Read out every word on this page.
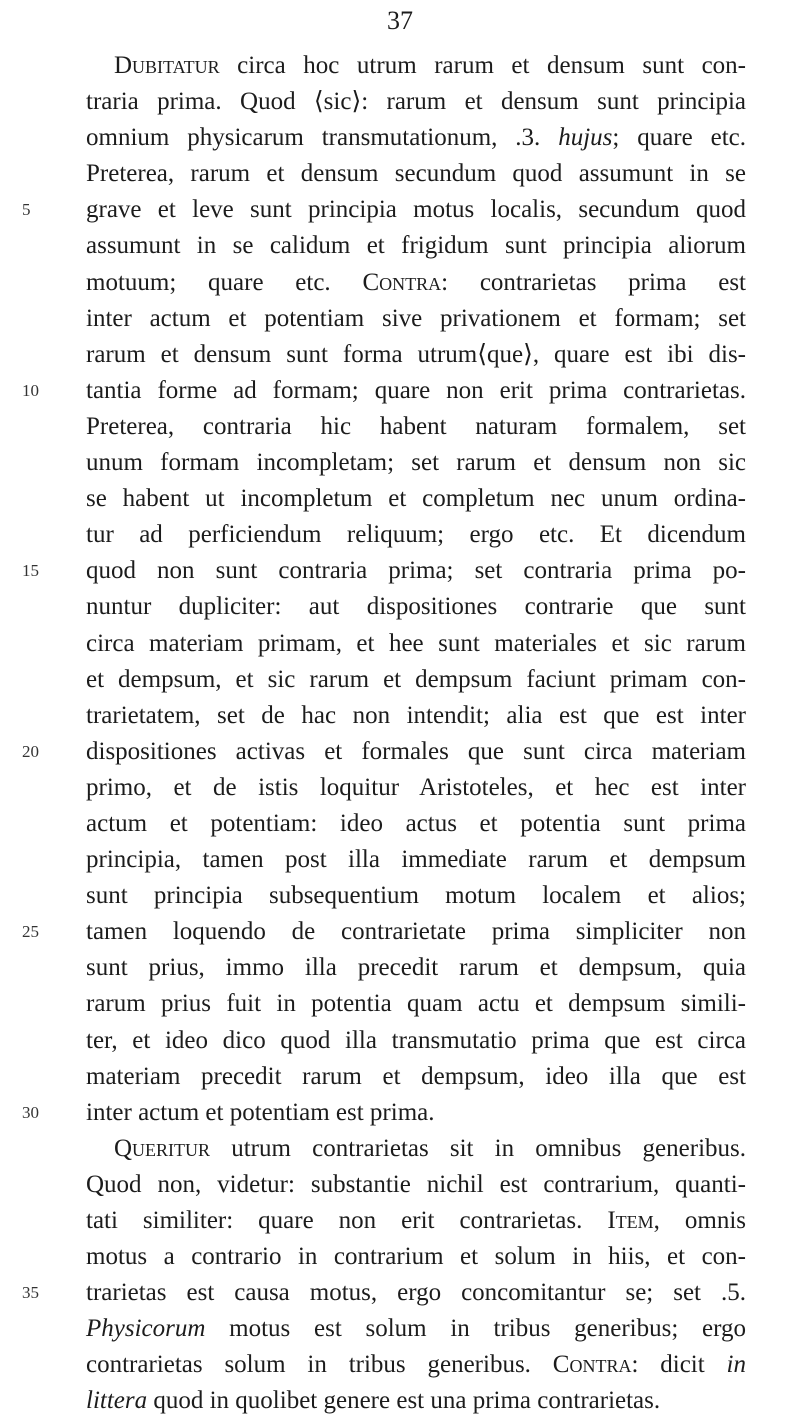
37
Dubitatur circa hoc utrum rarum et densum sunt con-
traria prima. Quod ⟨sic⟩: rarum et densum sunt principia
omnium physicarum transmutationum, .3. hujus; quare etc.
Preterea, rarum et densum secundum quod assumunt in se
5	grave et leve sunt principia motus localis, secundum quod
assumunt in se calidum et frigidum sunt principia aliorum
motuum; quare etc. Contra: contrarietas prima est
inter actum et potentiam sive privationem et formam; set
rarum et densum sunt forma utrum⟨que⟩, quare est ibi dis-
10	tantia forme ad formam; quare non erit prima contrarietas.
Preterea, contraria hic habent naturam formalem, set
unum formam incompletam; set rarum et densum non sic
se habent ut incompletum et completum nec unum ordina-
tur ad perficiendum reliquum; ergo etc. Et dicendum
15	quod non sunt contraria prima; set contraria prima po-
nuntur dupliciter: aut dispositiones contrarie que sunt
circa materiam primam, et hee sunt materiales et sic rarum
et dempsum, et sic rarum et dempsum faciunt primam con-
trarietatem, set de hac non intendit; alia est que est inter
20	dispositiones activas et formales que sunt circa materiam
primo, et de istis loquitur Aristoteles, et hec est inter
actum et potentiam: ideo actus et potentia sunt prima
principia, tamen post illa immediate rarum et dempsum
sunt principia subsequentium motum localem et alios;
25	tamen loquendo de contrarietate prima simpliciter non
sunt prius, immo illa precedit rarum et dempsum, quia
rarum prius fuit in potentia quam actu et dempsum simili-
ter, et ideo dico quod illa transmutatio prima que est circa
materiam precedit rarum et dempsum, ideo illa que est
30	inter actum et potentiam est prima.
Queritur utrum contrarietas sit in omnibus generibus.
Quod non, videtur: substantie nichil est contrarium, quanti-
tati similiter: quare non erit contrarietas. Item, omnis
motus a contrario in contrarium et solum in hiis, et con-
35	trarietas est causa motus, ergo concomitantur se; set .5.
Physicorum motus est solum in tribus generibus; ergo
contrarietas solum in tribus generibus. Contra: dicit in
littera quod in quolibet genere est una prima contrarietas.
